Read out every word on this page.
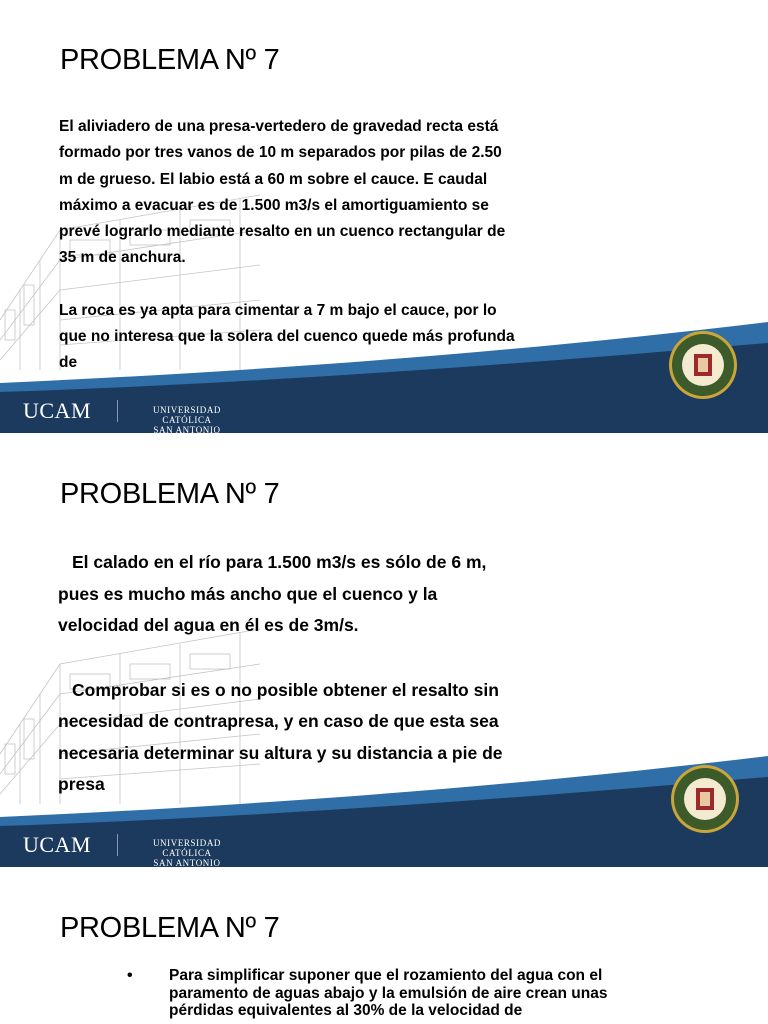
PROBLEMA Nº 7

El aliviadero de una presa-vertedero de gravedad recta está formado por tres vanos de 10 m separados por pilas de 2.50 m de grueso. El labio está a 60 m sobre el cauce. E caudal máximo a evacuar es de 1.500 m3/s el amortiguamiento se prevé lograrlo mediante resalto en un cuenco rectangular de 35 m de anchura.

La roca es ya apta para cimentar a 7 m bajo el cauce, por lo que no interesa que la solera del cuenco quede más profunda de

UCAM	UNIVERSIDAD CATÓLICA
SAN ANTONIO
PROBLEMA Nº 7
UCAM	UNIVERSIDAD CATÓLICA
SAN ANTONIO

El calado en el río para 1.500 m3/s es sólo de 6 m, pues es mucho más ancho que el cuenco y la velocidad del agua en él es de 3m/s.

Comprobar si es o no posible obtener el resalto sin necesidad de contrapresa, y en caso de que esta sea necesaria determinar su altura y su distancia a pie de presa

PROBLEMA Nº 7
• Para simplificar suponer que el rozamiento del agua con el paramento de aguas abajo y la emulsión de aire crean unas pérdidas equivalentes al 30% de la velocidad de
